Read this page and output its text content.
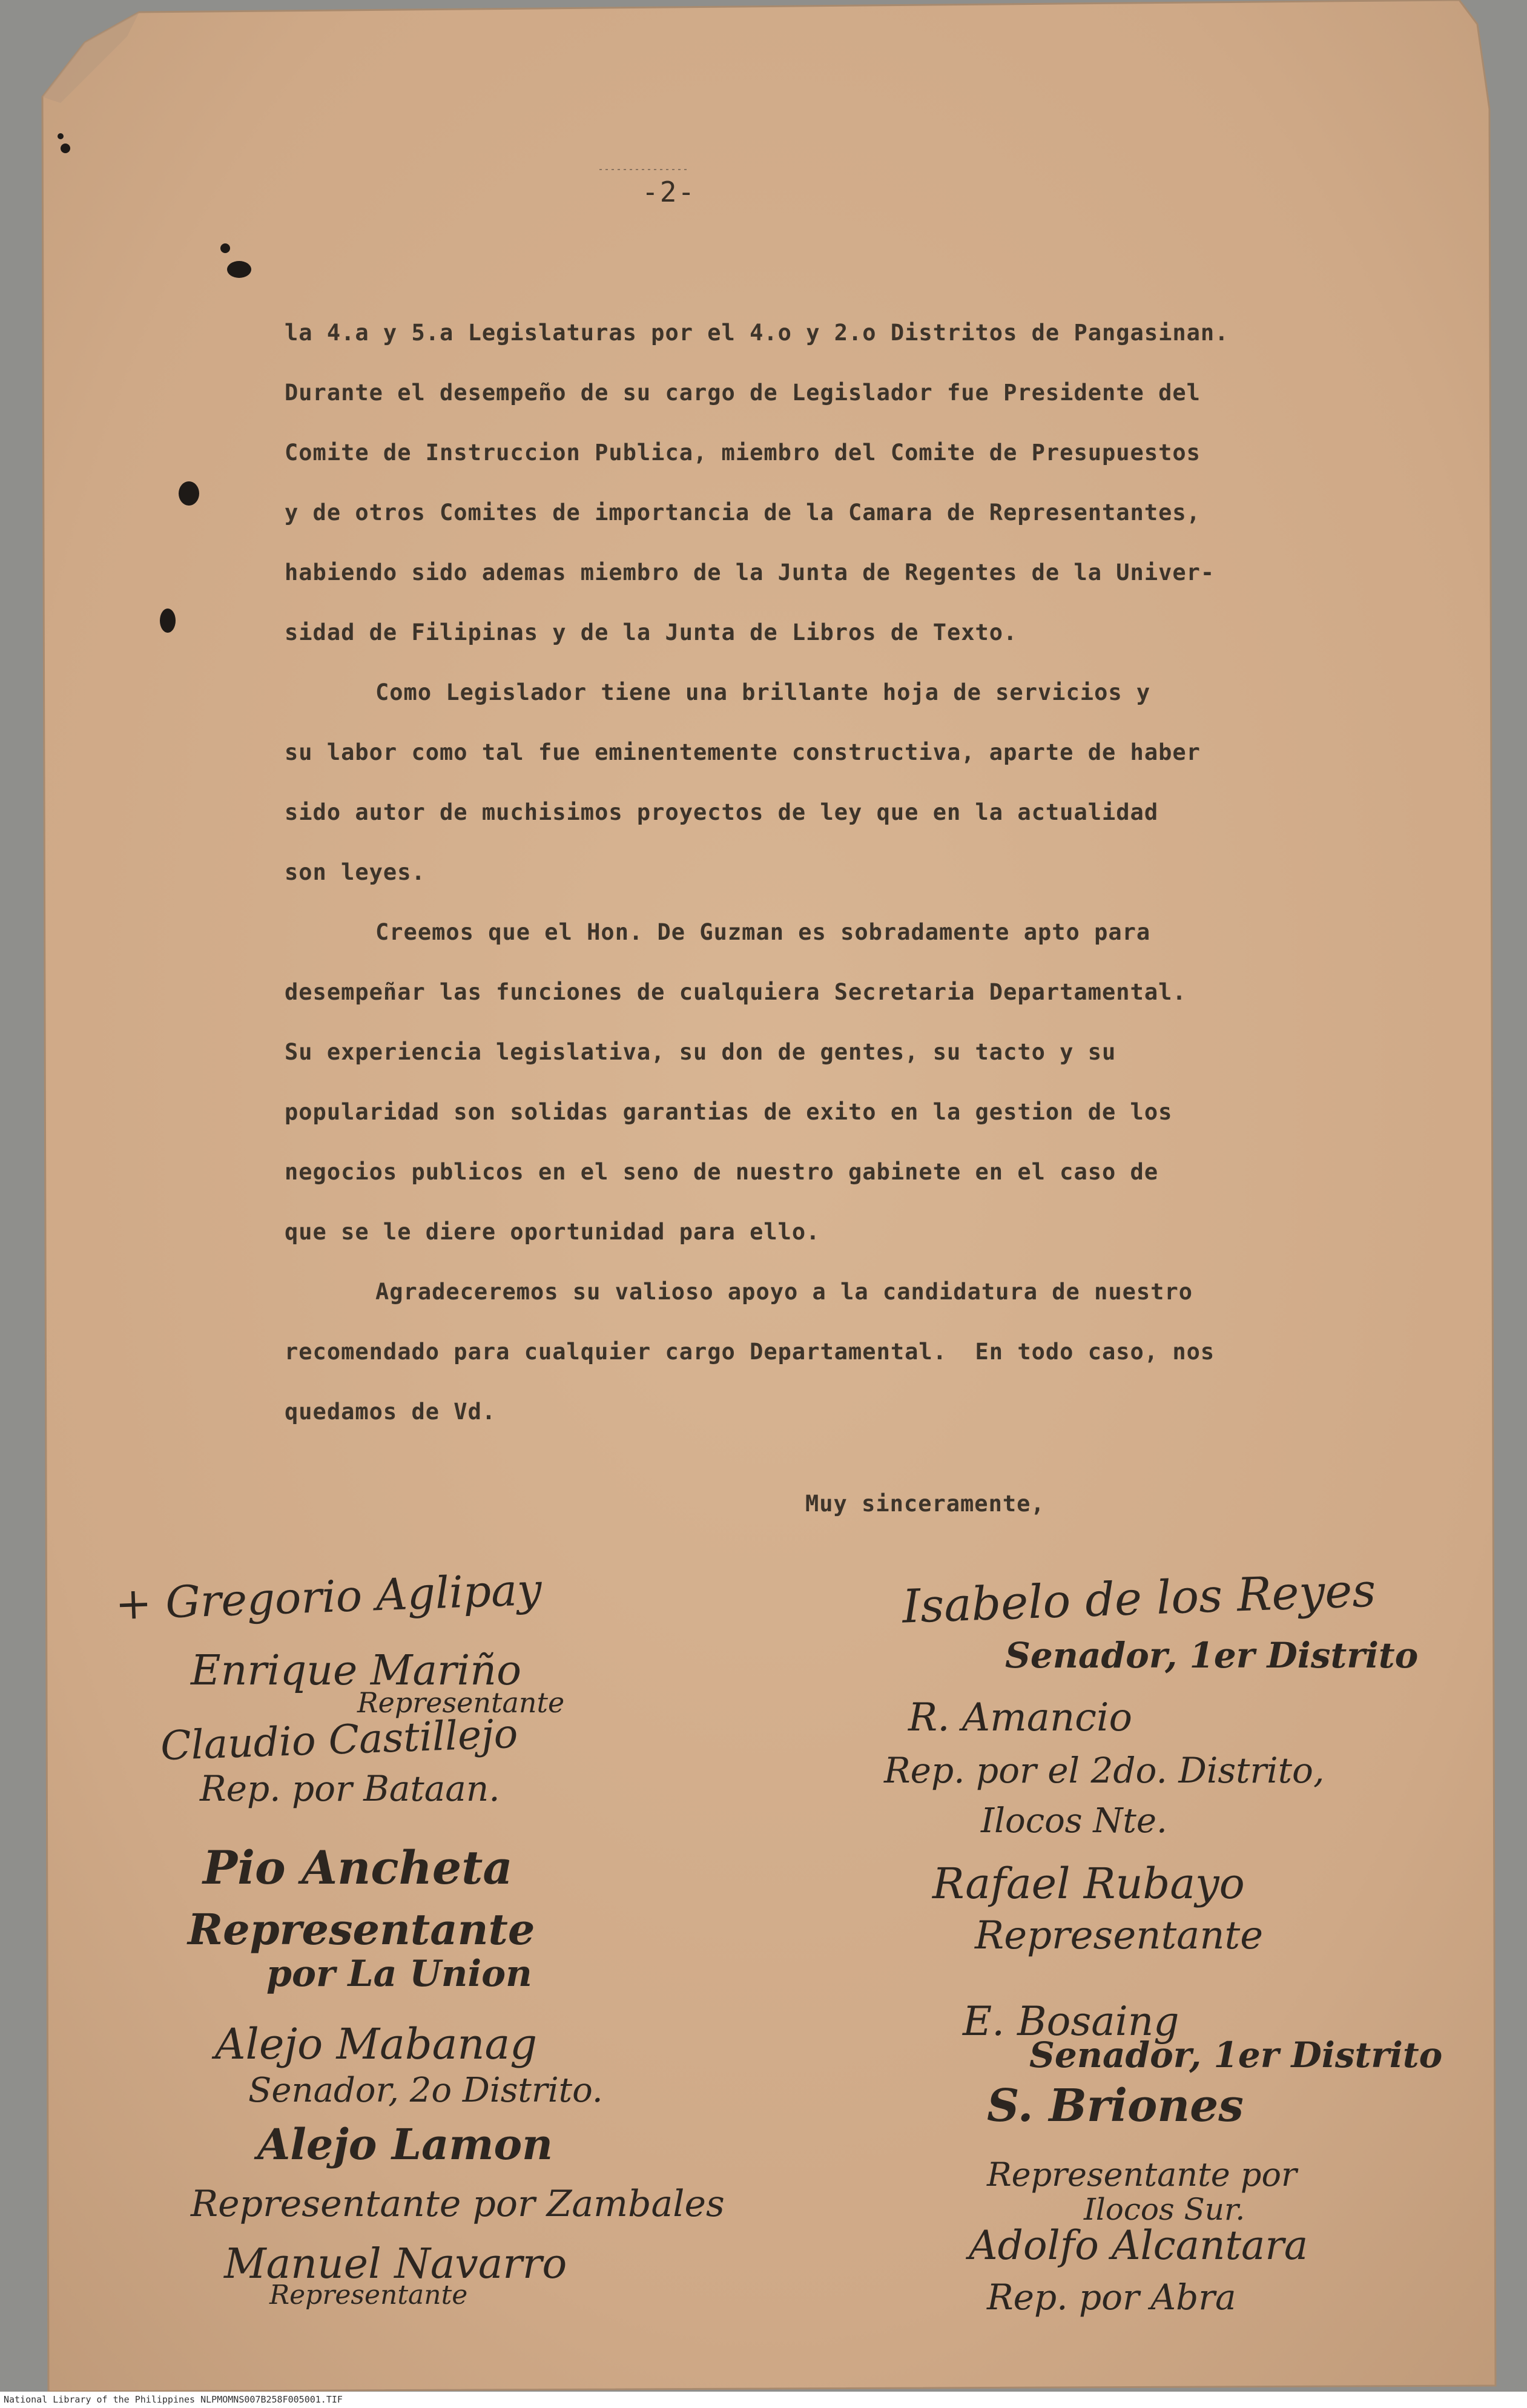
-2-

la 4.a y 5.a Legislaturas por el 4.o y 2.o Distritos de Pangasinan.

Durante el desempeño de su cargo de Legislador fue Presidente del

Comite de Instruccion Publica, miembro del Comite de Presupuestos

y de otros Comites de importancia de la Camara de Representantes,

habiendo sido ademas miembro de la Junta de Regentes de la Univer-

sidad de Filipinas y de la Junta de Libros de Texto.

Como Legislador tiene una brillante hoja de servicios y

su labor como tal fue eminentemente constructiva, aparte de haber

sido autor de muchisimos proyectos de ley que en la actualidad

son leyes.

Creemos que el Hon. De Guzman es sobradamente apto para

desempeñar las funciones de cualquiera Secretaria Departamental.

Su experiencia legislativa, su don de gentes, su tacto y su

popularidad son solidas garantias de exito en la gestion de los

negocios publicos en el seno de nuestro gabinete en el caso de

que se le diere oportunidad para ello.

Agradeceremos su valioso apoyo a la candidatura de nuestro

recomendado para cualquier cargo Departamental.  En todo caso, nos

quedamos de Vd.

Muy sinceramente,
+ Gregorio Aglipay
Enrique Mariño
Representante
Claudio Castillejo
Rep. por Bataan.
Pio Ancheta
Representante
por La Union
Alejo Mabanag
Senador, 2o Distrito.
Alejo Lamon
Representante por Zambales
Manuel Navarro
Representante
Isabelo de los Reyes
Senador, 1er Distrito
R. Amancio
Rep. por el 2do. Distrito,
Ilocos Nte.
Rafael Rubayo
Representante
E. Bosaing
Senador, 1er Distrito
S. Briones
Representante por
Ilocos Sur.
Adolfo Alcantara
Rep. por Abra
National Library of the Philippines NLPMOMNS007B258F005001.TIF
